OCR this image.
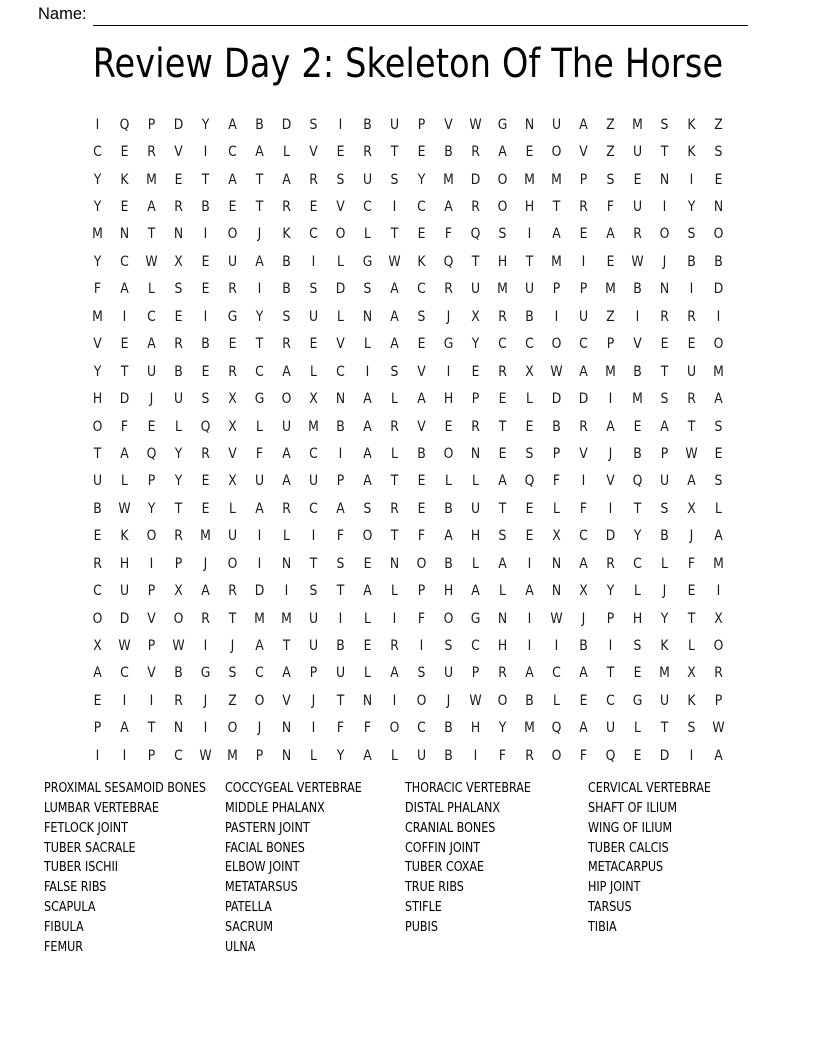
Name:
Review Day 2: Skeleton Of The Horse
I	Q	P	D	Y	A	B	D	S	I	B	U	P	V	W	G	N	U	A	Z	M	S	K	Z
C	E	R	V	I	C	A	L	V	E	R	T	E	B	R	A	E	O	V	Z	U	T	K	S
Y	K	M	E	T	A	T	A	R	S	U	S	Y	M	D	O	M	M	P	S	E	N	I	E
Y	E	A	R	B	E	T	R	E	V	C	I	C	A	R	O	H	T	R	F	U	I	Y	N
M	N	T	N	I	O	J	K	C	O	L	T	E	F	Q	S	I	A	E	A	R	O	S	O
Y	C	W	X	E	U	A	B	I	L	G	W	K	Q	T	H	T	M	I	E	W	J	B	B
F	A	L	S	E	R	I	B	S	D	S	A	C	R	U	M	U	P	P	M	B	N	I	D
M	I	C	E	I	G	Y	S	U	L	N	A	S	J	X	R	B	I	U	Z	I	R	R	I
V	E	A	R	B	E	T	R	E	V	L	A	E	G	Y	C	C	O	C	P	V	E	E	O
Y	T	U	B	E	R	C	A	L	C	I	S	V	I	E	R	X	W	A	M	B	T	U	M
H	D	J	U	S	X	G	O	X	N	A	L	A	H	P	E	L	D	D	I	M	S	R	A
O	F	E	L	Q	X	L	U	M	B	A	R	V	E	R	T	E	B	R	A	E	A	T	S
T	A	Q	Y	R	V	F	A	C	I	A	L	B	O	N	E	S	P	V	J	B	P	W	E
U	L	P	Y	E	X	U	A	U	P	A	T	E	L	L	A	Q	F	I	V	Q	U	A	S
B	W	Y	T	E	L	A	R	C	A	S	R	E	B	U	T	E	L	F	I	T	S	X	L
E	K	O	R	M	U	I	L	I	F	O	T	F	A	H	S	E	X	C	D	Y	B	J	A
R	H	I	P	J	O	I	N	T	S	E	N	O	B	L	A	I	N	A	R	C	L	F	M
C	U	P	X	A	R	D	I	S	T	A	L	P	H	A	L	A	N	X	Y	L	J	E	I
O	D	V	O	R	T	M	M	U	I	L	I	F	O	G	N	I	W	J	P	H	Y	T	X
X	W	P	W	I	J	A	T	U	B	E	R	I	S	C	H	I	I	B	I	S	K	L	O
A	C	V	B	G	S	C	A	P	U	L	A	S	U	P	R	A	C	A	T	E	M	X	R
E	I	I	R	J	Z	O	V	J	T	N	I	O	J	W	O	B	L	E	C	G	U	K	P
P	A	T	N	I	O	J	N	I	F	F	O	C	B	H	Y	M	Q	A	U	L	T	S	W
I	I	P	C	W	M	P	N	L	Y	A	L	U	B	I	F	R	O	F	Q	E	D	I	A
PROXIMAL SESAMOID BONES
LUMBAR VERTEBRAE
FETLOCK JOINT
TUBER SACRALE
TUBER ISCHII
FALSE RIBS
SCAPULA
FIBULA
FEMUR
COCCYGEAL VERTEBRAE
MIDDLE PHALANX
PASTERN JOINT
FACIAL BONES
ELBOW JOINT
METATARSUS
PATELLA
SACRUM
ULNA
THORACIC VERTEBRAE
DISTAL PHALANX
CRANIAL BONES
COFFIN JOINT
TUBER COXAE
TRUE RIBS
STIFLE
PUBIS
CERVICAL VERTEBRAE
SHAFT OF ILIUM
WING OF ILIUM
TUBER CALCIS
METACARPUS
HIP JOINT
TARSUS
TIBIA
